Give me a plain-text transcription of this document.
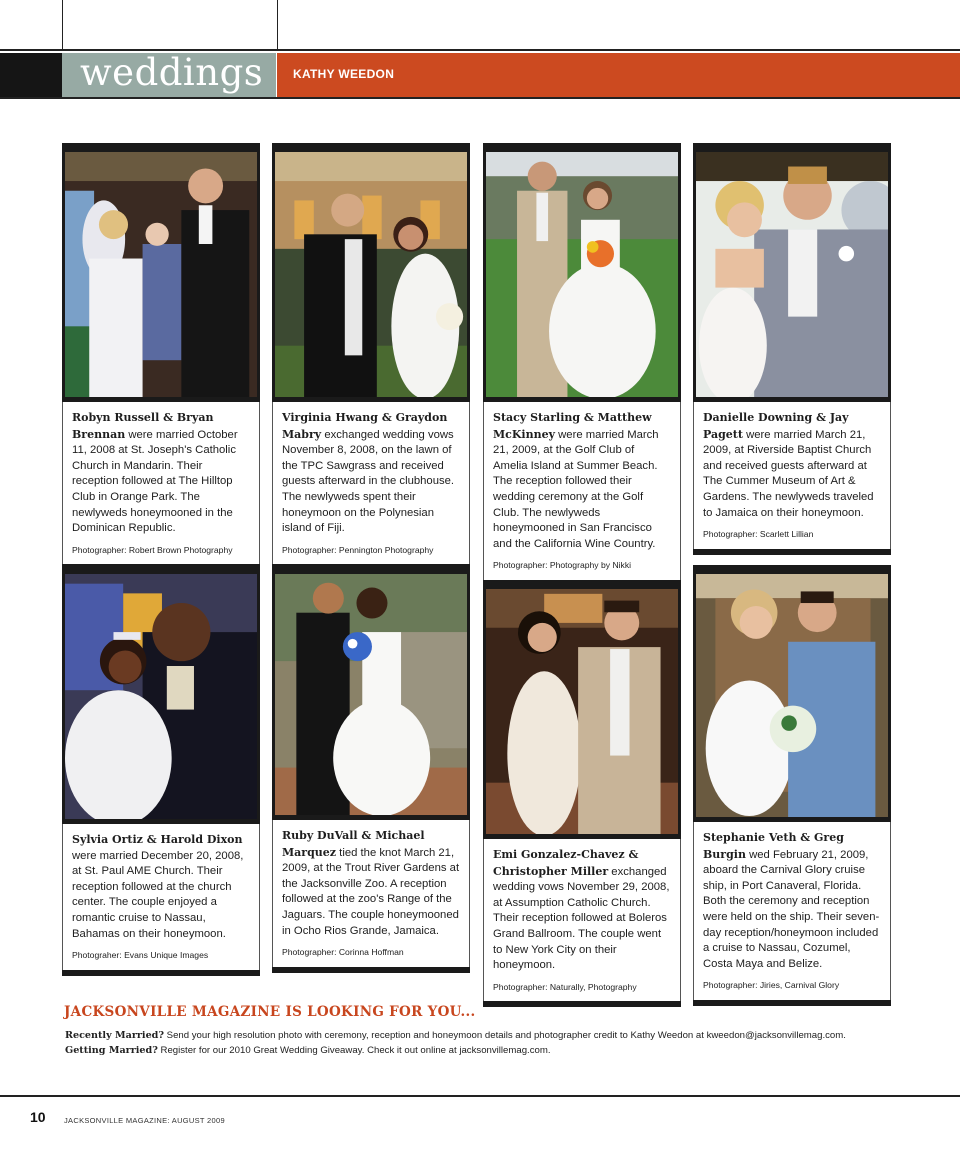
weddings KATHY WEEDON
Robyn Russell & Bryan Brennan were married October 11, 2008 at St. Joseph's Catholic Church in Mandarin. Their reception followed at The Hilltop Club in Orange Park. The newlyweds honeymooned in the Dominican Republic.
Photographer: Robert Brown Photography
Virginia Hwang & Graydon Mabry exchanged wedding vows November 8, 2008, on the lawn of the TPC Sawgrass and received guests afterward in the clubhouse. The newlyweds spent their honeymoon on the Polynesian island of Fiji.
Photographer: Pennington Photography
Stacy Starling & Matthew McKinney were married March 21, 2009, at the Golf Club of Amelia Island at Summer Beach. The reception followed their wedding ceremony at the Golf Club. The newlyweds honeymooned in San Francisco and the California Wine Country.
Photographer: Photography by Nikki
Danielle Downing & Jay Pagett were married March 21, 2009, at Riverside Baptist Church and received guests afterward at The Cummer Museum of Art & Gardens. The newlyweds traveled to Jamaica on their honeymoon.
Photographer: Scarlett Lillian
Sylvia Ortiz & Harold Dixon were married December 20, 2008, at St. Paul AME Church. Their reception followed at the church center. The couple enjoyed a romantic cruise to Nassau, Bahamas on their honeymoon.
Photograher: Evans Unique Images
Ruby DuVall & Michael Marquez tied the knot March 21, 2009, at the Trout River Gardens at the Jacksonville Zoo. A reception followed at the zoo's Range of the Jaguars. The couple honeymooned in Ocho Rios Grande, Jamaica.
Photographer: Corinna Hoffman
Emi Gonzalez-Chavez & Christopher Miller exchanged wedding vows November 29, 2008, at Assumption Catholic Church. Their reception followed at Boleros Grand Ballroom. The couple went to New York City on their honeymoon.
Photographer: Naturally, Photography
Stephanie Veth & Greg Burgin wed February 21, 2009, aboard the Carnival Glory cruise ship, in Port Canaveral, Florida. Both the ceremony and reception were held on the ship. Their seven-day reception/honeymoon included a cruise to Nassau, Cozumel, Costa Maya and Belize.
Photographer: Jiries, Carnival Glory
JACKSONVILLE MAGAZINE IS LOOKING FOR YOU...
Recently Married? Send your high resolution photo with ceremony, reception and honeymoon details and photographer credit to Kathy Weedon at kweedon@jacksonvillemag.com.
Getting Married? Register for our 2010 Great Wedding Giveaway. Check it out online at jacksonvillemag.com.
10 JACKSONVILLE MAGAZINE: AUGUST 2009
